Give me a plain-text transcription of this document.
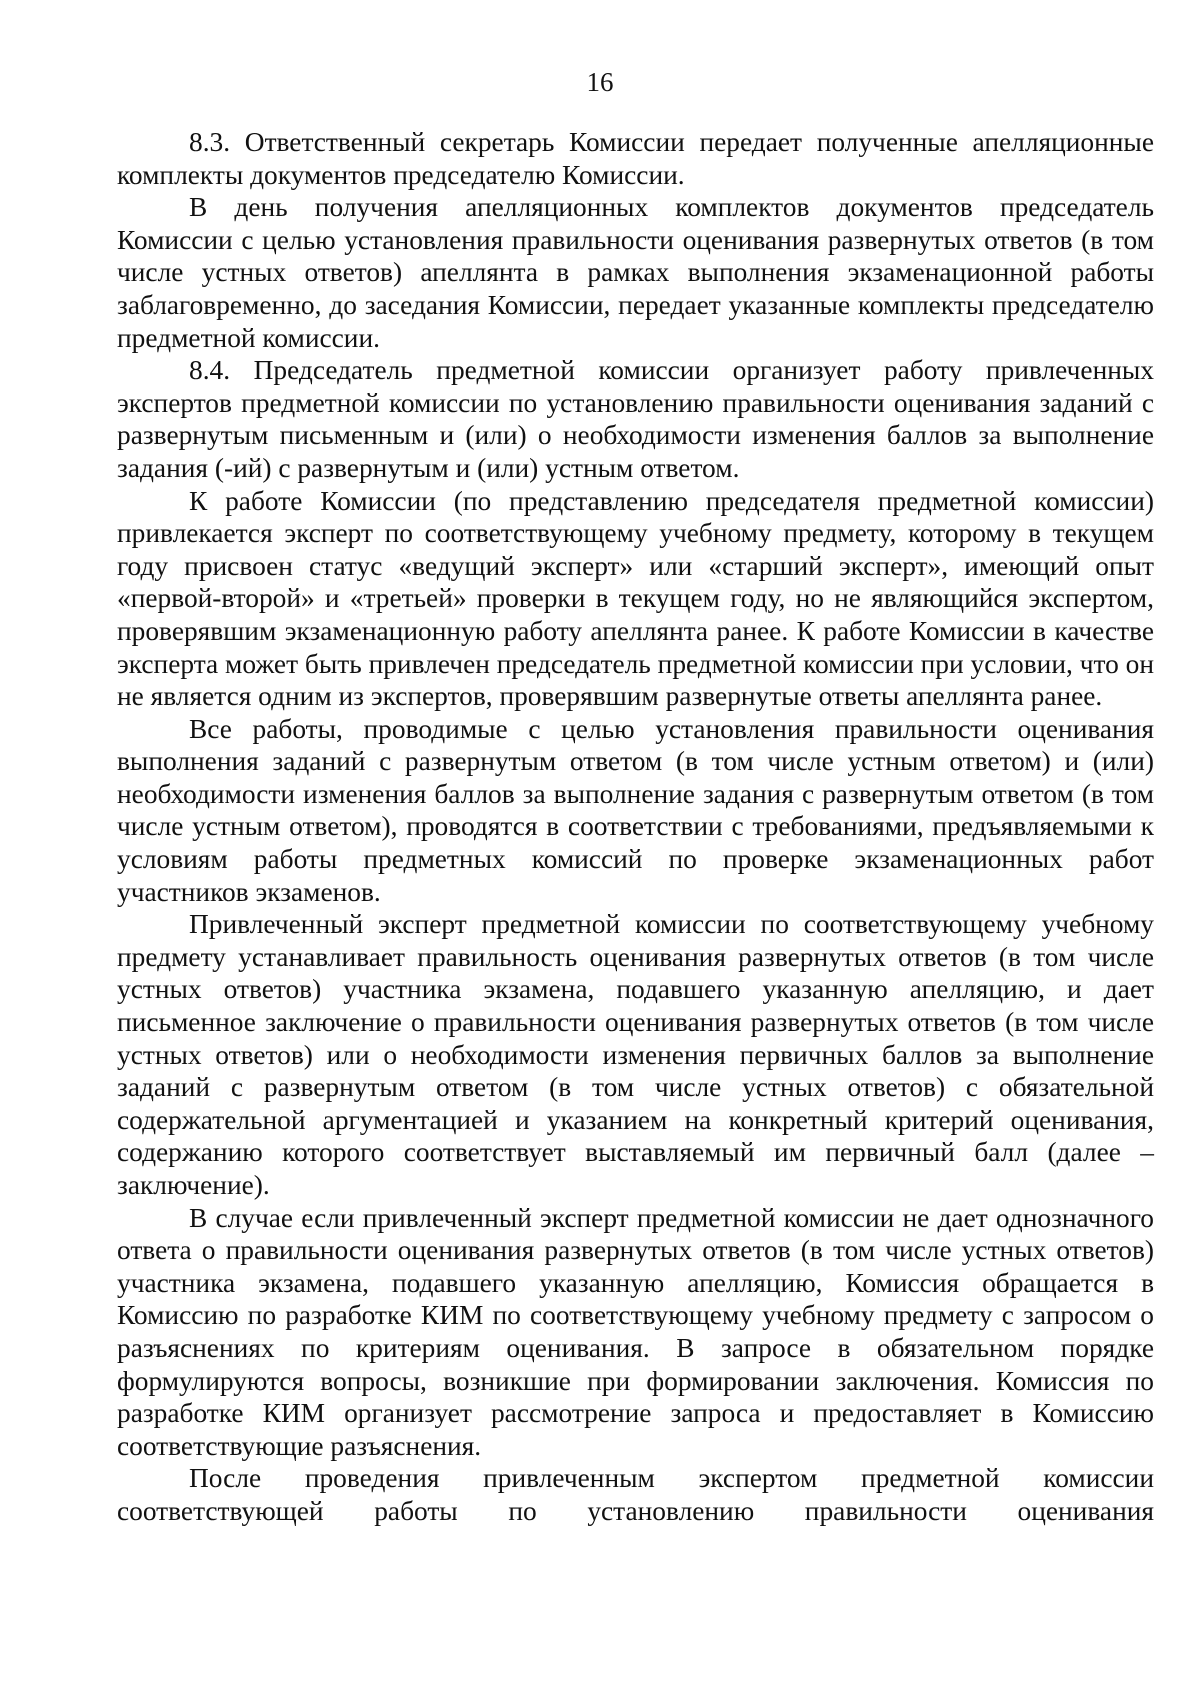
16

8.3. Ответственный секретарь Комиссии передает полученные апелляционные комплекты документов председателю Комиссии.

В день получения апелляционных комплектов документов председатель Комиссии с целью установления правильности оценивания развернутых ответов (в том числе устных ответов) апеллянта в рамках выполнения экзаменационной работы заблаговременно, до заседания Комиссии, передает указанные комплекты председателю предметной комиссии.

8.4. Председатель предметной комиссии организует работу привлеченных экспертов предметной комиссии по установлению правильности оценивания заданий с развернутым письменным и (или) о необходимости изменения баллов за выполнение задания (-ий) с развернутым и (или) устным ответом.

К работе Комиссии (по представлению председателя предметной комиссии) привлекается эксперт по соответствующему учебному предмету, которому в текущем году присвоен статус «ведущий эксперт» или «старший эксперт», имеющий опыт «первой-второй» и «третьей» проверки в текущем году, но не являющийся экспертом, проверявшим экзаменационную работу апеллянта ранее. К работе Комиссии в качестве эксперта может быть привлечен председатель предметной комиссии при условии, что он не является одним из экспертов, проверявшим развернутые ответы апеллянта ранее.

Все работы, проводимые с целью установления правильности оценивания выполнения заданий с развернутым ответом (в том числе устным ответом) и (или) необходимости изменения баллов за выполнение задания с развернутым ответом (в том числе устным ответом), проводятся в соответствии с требованиями, предъявляемыми к условиям работы предметных комиссий по проверке экзаменационных работ участников экзаменов.

Привлеченный эксперт предметной комиссии по соответствующему учебному предмету устанавливает правильность оценивания развернутых ответов (в том числе устных ответов) участника экзамена, подавшего указанную апелляцию, и дает письменное заключение о правильности оценивания развернутых ответов (в том числе устных ответов) или о необходимости изменения первичных баллов за выполнение заданий с развернутым ответом (в том числе устных ответов) с обязательной содержательной аргументацией и указанием на конкретный критерий оценивания, содержанию которого соответствует выставляемый им первичный балл (далее – заключение).

В случае если привлеченный эксперт предметной комиссии не дает однозначного ответа о правильности оценивания развернутых ответов (в том числе устных ответов) участника экзамена, подавшего указанную апелляцию, Комиссия обращается в Комиссию по разработке КИМ по соответствующему учебному предмету с запросом о разъяснениях по критериям оценивания. В запросе в обязательном порядке формулируются вопросы, возникшие при формировании заключения. Комиссия по разработке КИМ организует рассмотрение запроса и предоставляет в Комиссию соответствующие разъяснения.

После проведения привлеченным экспертом предметной комиссии соответствующей работы по установлению правильности оценивания
